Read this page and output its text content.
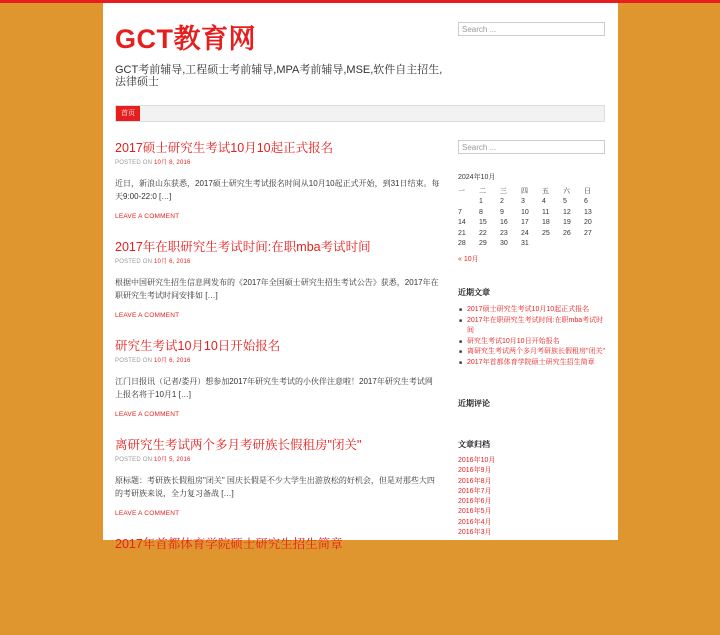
GCT教育网
GCT考前辅导,工程硕士考前辅导,MPA考前辅导,MSE,软件自主招生,法律硕士
Search ...
首页
2017硕士研究生考试10月10起正式报名
POSTED ON 10月 8, 2016
近日，新浪山东获悉，2017硕士研究生考试报名时间从10月10起正式开始，到31日结束。每天9:00-22:0 […]
LEAVE A COMMENT
2017年在职研究生考试时间:在职mba考试时间
POSTED ON 10月 6, 2016
根据中国研究生招生信息网发布的《2017年全国硕士研究生招生考试公告》获悉，2017年在职研究生考试时间安排如 […]
LEAVE A COMMENT
研究生考试10月10日开始报名
POSTED ON 10月 6, 2016
江门日报讯（记者/娄丹）想参加2017年研究生考试的小伙伴注意啦！2017年研究生考试网上报名将于10月1 […]
LEAVE A COMMENT
离研究生考试两个多月考研族长假租房"闭关"
POSTED ON 10月 5, 2016
原标题：考研族长假租房"闭关" 国庆长假是不少大学生出游放松的好机会，但是对那些大四的考研族来说，全力复习备战 […]
LEAVE A COMMENT
2017年首都体育学院硕士研究生招生简章
Search ...
2024年10月
一	二	三	四	五	六	日
	1	2	3	4	5	6
7	8	9	10	11	12	13
14	15	16	17	18	19	20
21	22	23	24	25	26	27
28	29	30	31			
« 10月
近期文章
■ 2017硕士研究生考试10月10起正式报名
■ 2017年在职研究生考试时间:在职mba考试时间
■ 研究生考试10月10日开始报名
■ 离研究生考试两个多月考研族长假租房"闭关"
■ 2017年首都体育学院硕士研究生招生简章
近期评论
文章归档
2016年10月
2016年9月
2016年8月
2016年7月
2016年6月
2016年5月
2016年4月
2016年3月
